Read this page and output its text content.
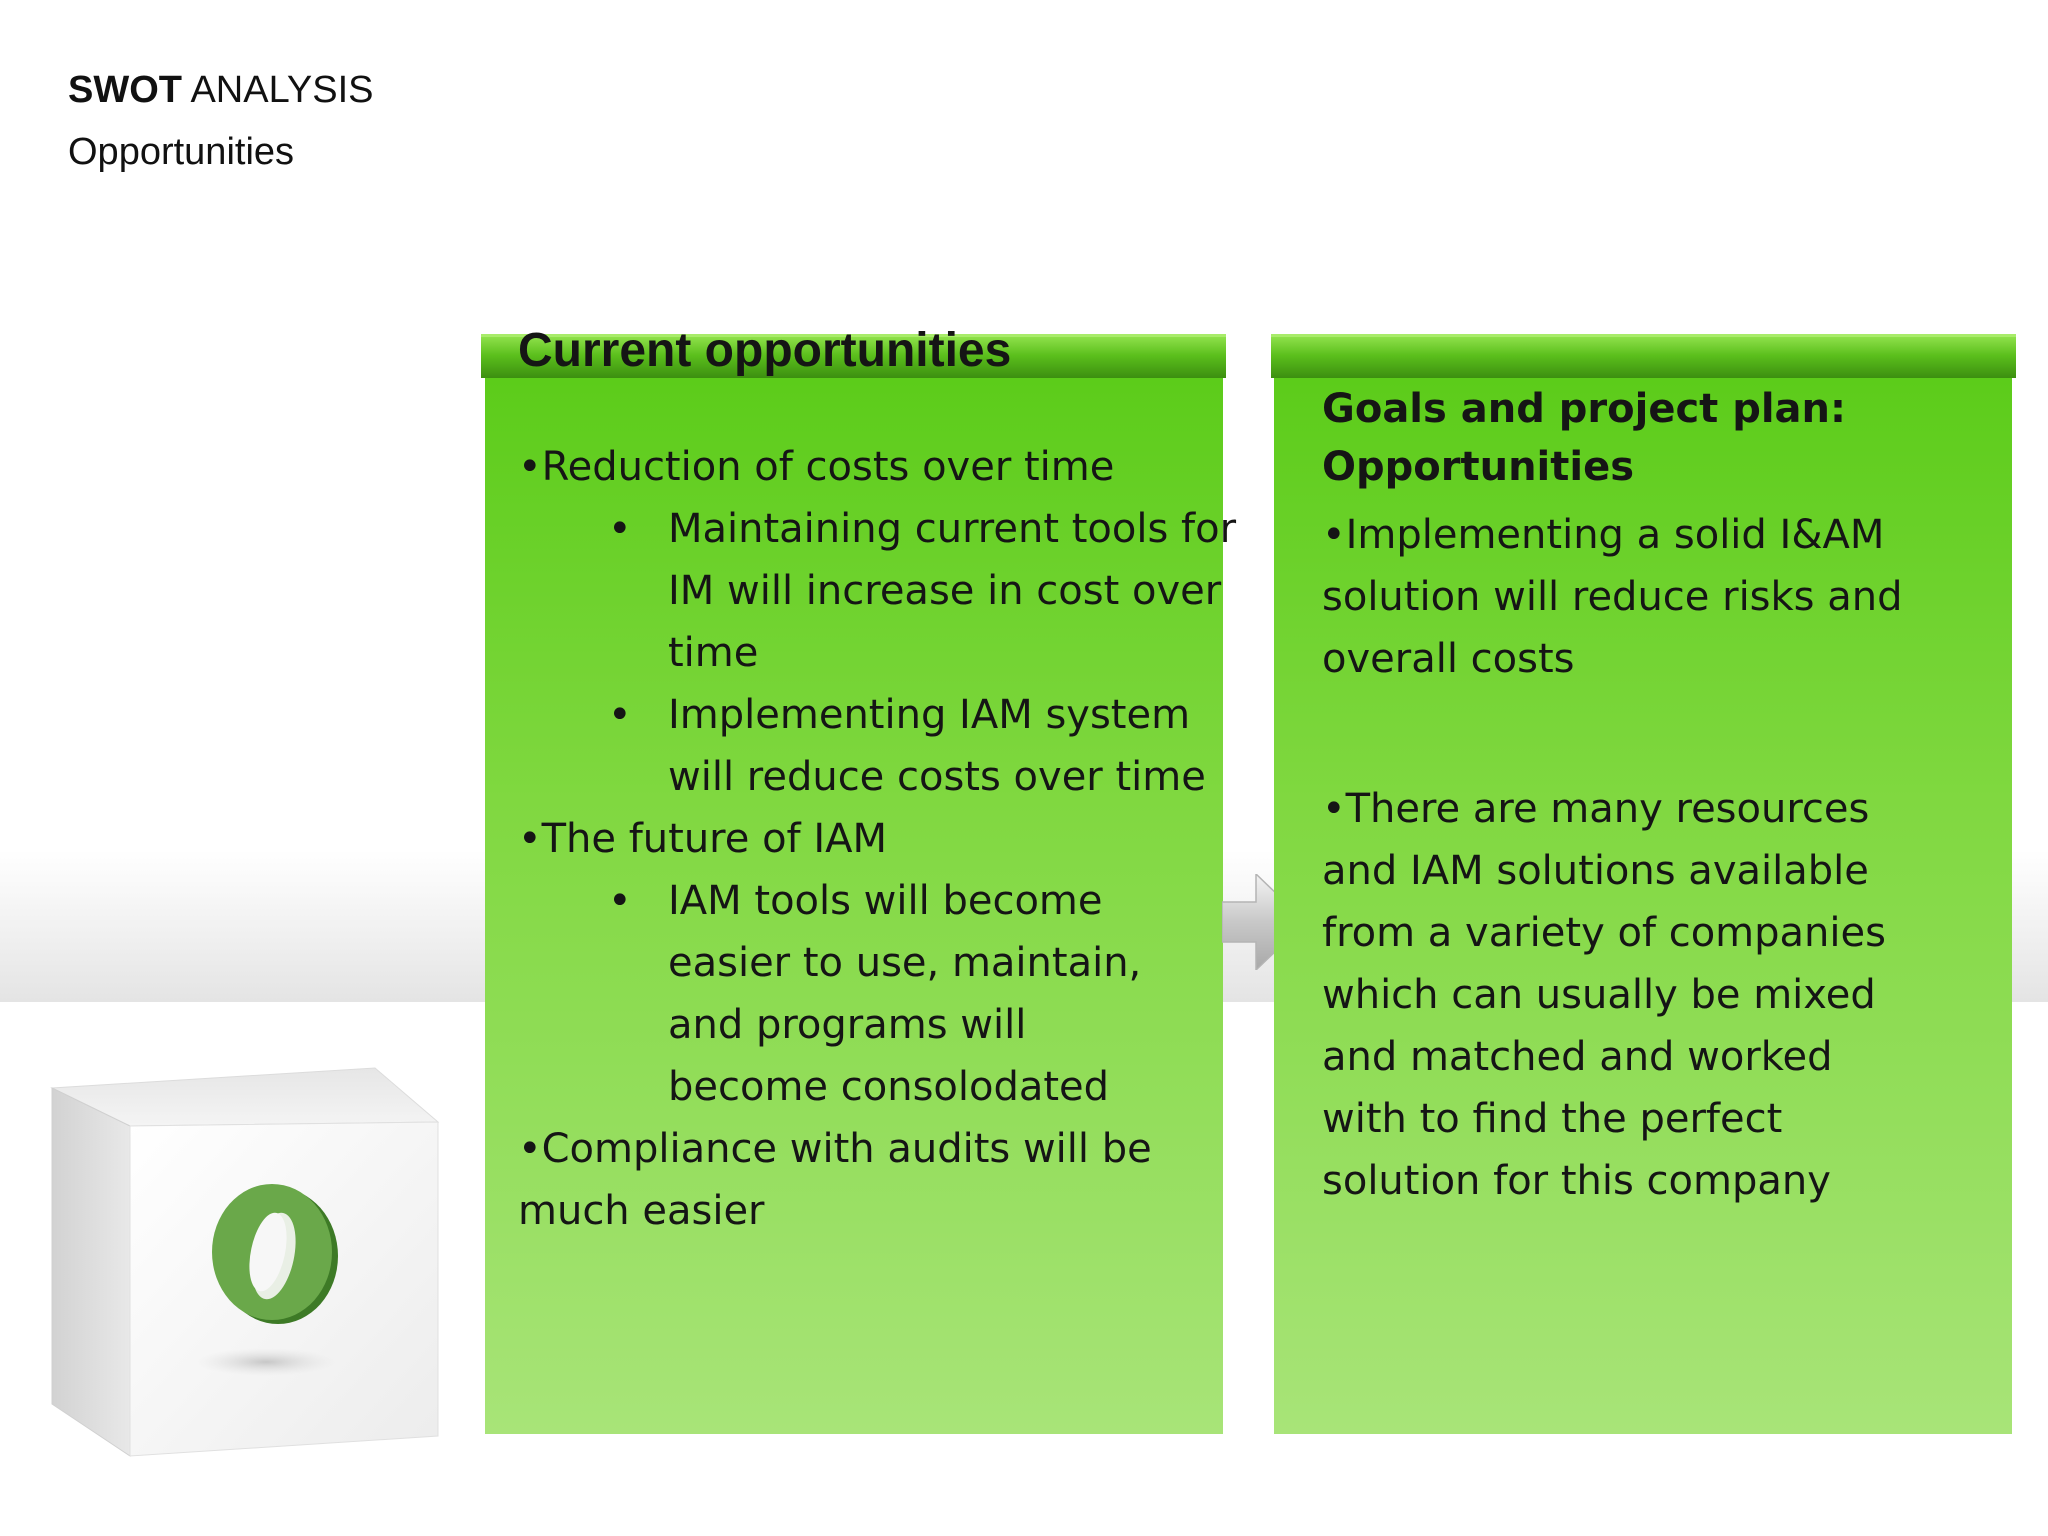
SWOT ANALYSIS
Opportunities
Current opportunities

•Reduction of costs over time

• Maintaining current tools for IM will increase in cost over time

• Implementing IAM system will reduce costs over time

•The future of IAM

• IAM tools will become easier to use, maintain, and programs will become consolodated

•Compliance with audits will be much easier

Goals and project plan:
Opportunities

•Implementing a solid I&AM solution will reduce risks and overall costs

•There are many resources and IAM solutions available from a variety of companies which can usually be mixed and matched and worked with to find the perfect solution for this company
